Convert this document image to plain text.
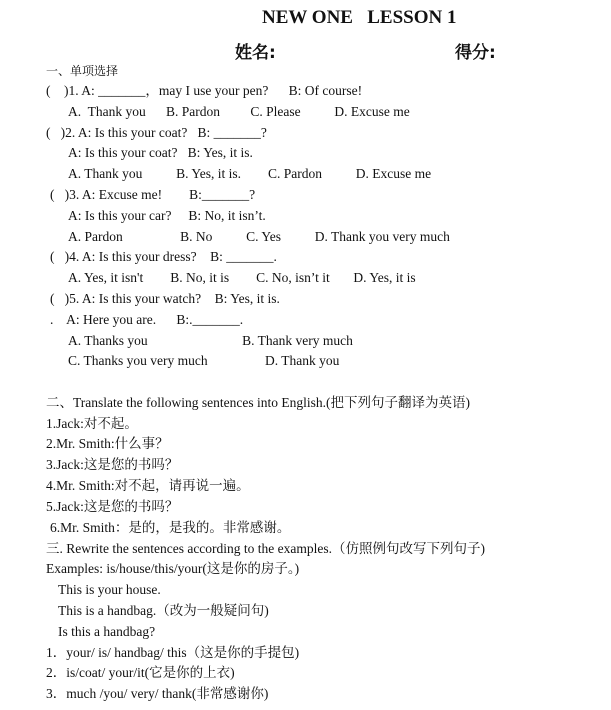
NEW ONE   LESSON 1
姓名:	得分:
一、单项选择
(    )1. A: _______，may I use your pen?      B: Of course!
A.  Thank you      B. Pardon         C. Please          D. Excuse me
(   )2. A: Is this your coat?   B: _______?
A: Is this your coat?   B: Yes, it is.
A. Thank you          B. Yes, it is.        C. Pardon          D. Excuse me
(   )3. A: Excuse me!        B:_______?
A: Is this your car?     B: No, it isn’t.
A. Pardon                 B. No          C. Yes          D. Thank you very much
(   )4. A: Is this your dress?    B: _______.
A. Yes, it isn't        B. No, it is        C. No, isn’t it       D. Yes, it is
(   )5. A: Is this your watch?    B: Yes, it is.
.    A: Here you are.      B:._______.
A. Thanks you                            B. Thank very much
C. Thanks you very much                 D. Thank you
二、Translate the following sentences into English.(把下列句子翻译为英语)
1.Jack:对不起。
2.Mr. Smith:什么事？
3.Jack:这是您的书吗？
4.Mr. Smith:对不起，请再说一遍。
5.Jack:这是您的书吗？
6.Mr. Smith：是的，是我的。非常感谢。
三. Rewrite the sentences according to the examples.（仿照例句改写下列句子)
Examples: is/house/this/your(这是你的房子。)
This is your house.
This is a handbag.（改为一般疑问句)
Is this a handbag?
1．your/ is/ handbag/ this（这是你的手提包)
2．is/coat/ your/it(它是你的上衣)
3．much /you/ very/ thank(非常感谢你)
